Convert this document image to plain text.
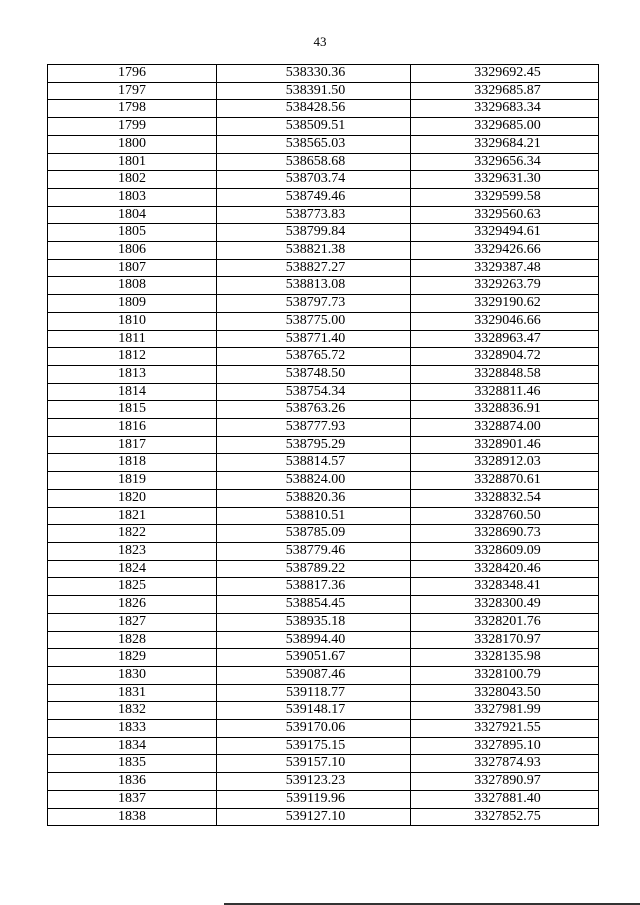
43
1796	538330.36	3329692.45
1797	538391.50	3329685.87
1798	538428.56	3329683.34
1799	538509.51	3329685.00
1800	538565.03	3329684.21
1801	538658.68	3329656.34
1802	538703.74	3329631.30
1803	538749.46	3329599.58
1804	538773.83	3329560.63
1805	538799.84	3329494.61
1806	538821.38	3329426.66
1807	538827.27	3329387.48
1808	538813.08	3329263.79
1809	538797.73	3329190.62
1810	538775.00	3329046.66
1811	538771.40	3328963.47
1812	538765.72	3328904.72
1813	538748.50	3328848.58
1814	538754.34	3328811.46
1815	538763.26	3328836.91
1816	538777.93	3328874.00
1817	538795.29	3328901.46
1818	538814.57	3328912.03
1819	538824.00	3328870.61
1820	538820.36	3328832.54
1821	538810.51	3328760.50
1822	538785.09	3328690.73
1823	538779.46	3328609.09
1824	538789.22	3328420.46
1825	538817.36	3328348.41
1826	538854.45	3328300.49
1827	538935.18	3328201.76
1828	538994.40	3328170.97
1829	539051.67	3328135.98
1830	539087.46	3328100.79
1831	539118.77	3328043.50
1832	539148.17	3327981.99
1833	539170.06	3327921.55
1834	539175.15	3327895.10
1835	539157.10	3327874.93
1836	539123.23	3327890.97
1837	539119.96	3327881.40
1838	539127.10	3327852.75
